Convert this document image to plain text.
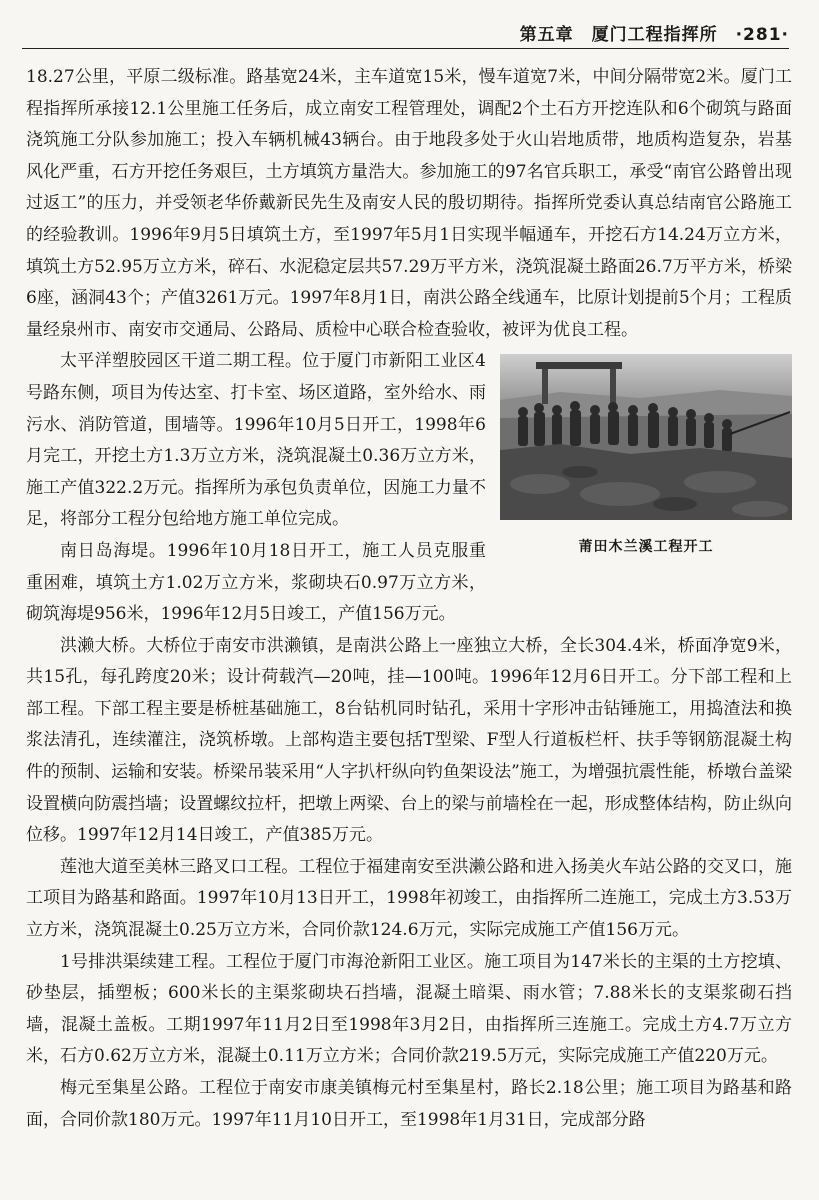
第五章　厦门工程指挥所　·281·

18.27公里，平原二级标准。路基宽24米，主车道宽15米，慢车道宽7米，中间分隔带宽2米。厦门工程指挥所承接12.1公里施工任务后，成立南安工程管理处，调配2个土石方开挖连队和6个砌筑与路面浇筑施工分队参加施工；投入车辆机械43辆台。由于地段多处于火山岩地质带，地质构造复杂，岩基风化严重，石方开挖任务艰巨，土方填筑方量浩大。参加施工的97名官兵职工，承受“南官公路曾出现过返工”的压力，并受领老华侨戴新民先生及南安人民的殷切期待。指挥所党委认真总结南官公路施工的经验教训。1996年9月5日填筑土方，至1997年5月1日实现半幅通车，开挖石方14.24万立方米，填筑土方52.95万立方米，碎石、水泥稳定层共57.29万平方米，浇筑混凝土路面26.7万平方米，桥梁6座，涵洞43个；产值3261万元。1997年8月1日，南洪公路全线通车，比原计划提前5个月；工程质量经泉州市、南安市交通局、公路局、质检中心联合检查验收，被评为优良工程。

莆田木兰溪工程开工

太平洋塑胶园区干道二期工程。位于厦门市新阳工业区4号路东侧，项目为传达室、打卡室、场区道路，室外给水、雨污水、消防管道，围墙等。1996年10月5日开工，1998年6月完工，开挖土方1.3万立方米，浇筑混凝土0.36万立方米，施工产值322.2万元。指挥所为承包负责单位，因施工力量不足，将部分工程分包给地方施工单位完成。

南日岛海堤。1996年10月18日开工，施工人员克服重重困难，填筑土方1.02万立方米，浆砌块石0.97万立方米，砌筑海堤956米，1996年12月5日竣工，产值156万元。

洪濑大桥。大桥位于南安市洪濑镇，是南洪公路上一座独立大桥，全长304.4米，桥面净宽9米，共15孔，每孔跨度20米；设计荷载汽—20吨，挂—100吨。1996年12月6日开工。分下部工程和上部工程。下部工程主要是桥桩基础施工，8台钻机同时钻孔，采用十字形冲击钻锤施工，用捣渣法和换浆法清孔，连续灌注，浇筑桥墩。上部构造主要包括T型梁、F型人行道板栏杆、扶手等钢筋混凝土构件的预制、运输和安装。桥梁吊装采用“人字扒杆纵向钓鱼架设法”施工，为增强抗震性能，桥墩台盖梁设置横向防震挡墙；设置螺纹拉杆，把墩上两梁、台上的梁与前墙栓在一起，形成整体结构，防止纵向位移。1997年12月14日竣工，产值385万元。

莲池大道至美林三路叉口工程。工程位于福建南安至洪濑公路和进入扬美火车站公路的交叉口，施工项目为路基和路面。1997年10月13日开工，1998年初竣工，由指挥所二连施工，完成土方3.53万立方米，浇筑混凝土0.25万立方米，合同价款124.6万元，实际完成施工产值156万元。

1号排洪渠续建工程。工程位于厦门市海沧新阳工业区。施工项目为147米长的主渠的土方挖填、砂垫层，插塑板；600米长的主渠浆砌块石挡墙，混凝土暗渠、雨水管；7.88米长的支渠浆砌石挡墙，混凝土盖板。工期1997年11月2日至1998年3月2日，由指挥所三连施工。完成土方4.7万立方米，石方0.62万立方米，混凝土0.11万立方米；合同价款219.5万元，实际完成施工产值220万元。

梅元至集星公路。工程位于南安市康美镇梅元村至集星村，路长2.18公里；施工项目为路基和路面，合同价款180万元。1997年11月10日开工，至1998年1月31日，完成部分路
